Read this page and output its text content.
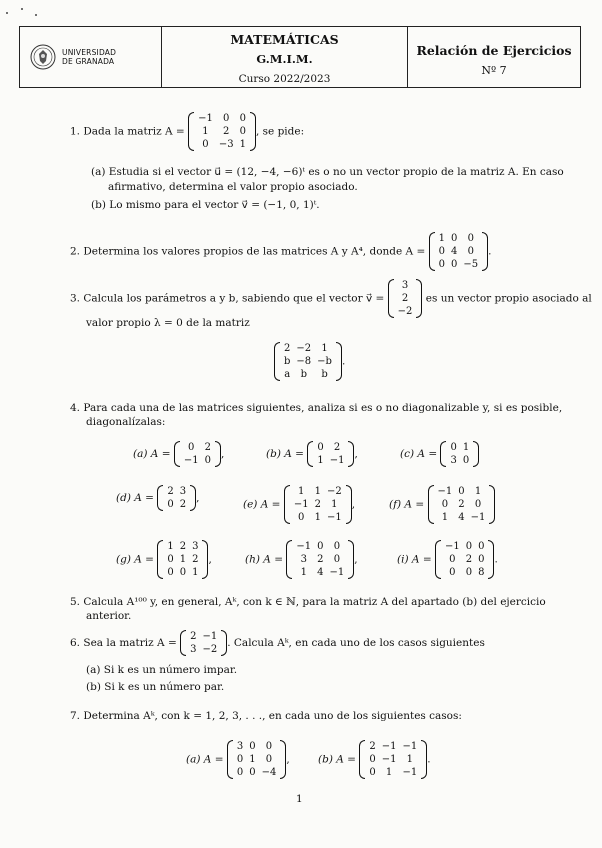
UNIVERSIDAD
DE GRANADA
MATEMÁTICAS
G.M.I.M.
Curso 2022/2023
Relación de Ejercicios
Nº 7
1. Dada la matriz A =
−1	0	0
1	2	0
0	−3	1
, se pide:
(a) Estudia si el vector u⃗ = (12, −4, −6)ᵗ es o no un vector propio de la matriz A. En caso
afirmativo, determina el valor propio asociado.
(b) Lo mismo para el vector v⃗ = (−1, 0, 1)ᵗ.
2. Determina los valores propios de las matrices A y A⁴, donde A =
1	0	0
0	4	0
0	0	−5
.
3. Calcula los parámetros a y b, sabiendo que el vector v⃗ =
3
2
−2
es un vector propio asociado al
valor propio λ = 0 de la matriz
2	−2	1
b	−8	−b
a	b	b
.
4. Para cada una de las matrices siguientes, analiza si es o no diagonalizable y, si es posible,
diagonalízalas:
(a) A =
0	2
−1	0
,	(b) A =
0	2
1	−1
,	(c) A =
0	1
3	0
(d) A =
2	3
0	2
,
(e) A =
1	1	−2
−1	2	1
0	1	−1
,	(f) A =
−1	0	1
0	2	0
1	4	−1
(g) A =
1	2	3
0	1	2
0	0	1
,	(h) A =
−1	0	0
3	2	0
1	4	−1
,	(i) A =
−1	0	0
0	2	0
0	0	8
.
5. Calcula A¹⁰⁰ y, en general, Aᵏ, con k ∈ ℕ, para la matriz A del apartado (b) del ejercicio
anterior.
6. Sea la matriz A =
2	−1
3	−2
. Calcula Aᵏ, en cada uno de los casos siguientes
(a) Si k es un número impar.
(b) Si k es un número par.
7. Determina Aᵏ, con k = 1, 2, 3, . . ., en cada uno de los siguientes casos:
(a) A =
3	0	0
0	1	0
0	0	−4
,	(b) A =
2	−1	−1
0	−1	1
0	1	−1
.
1
